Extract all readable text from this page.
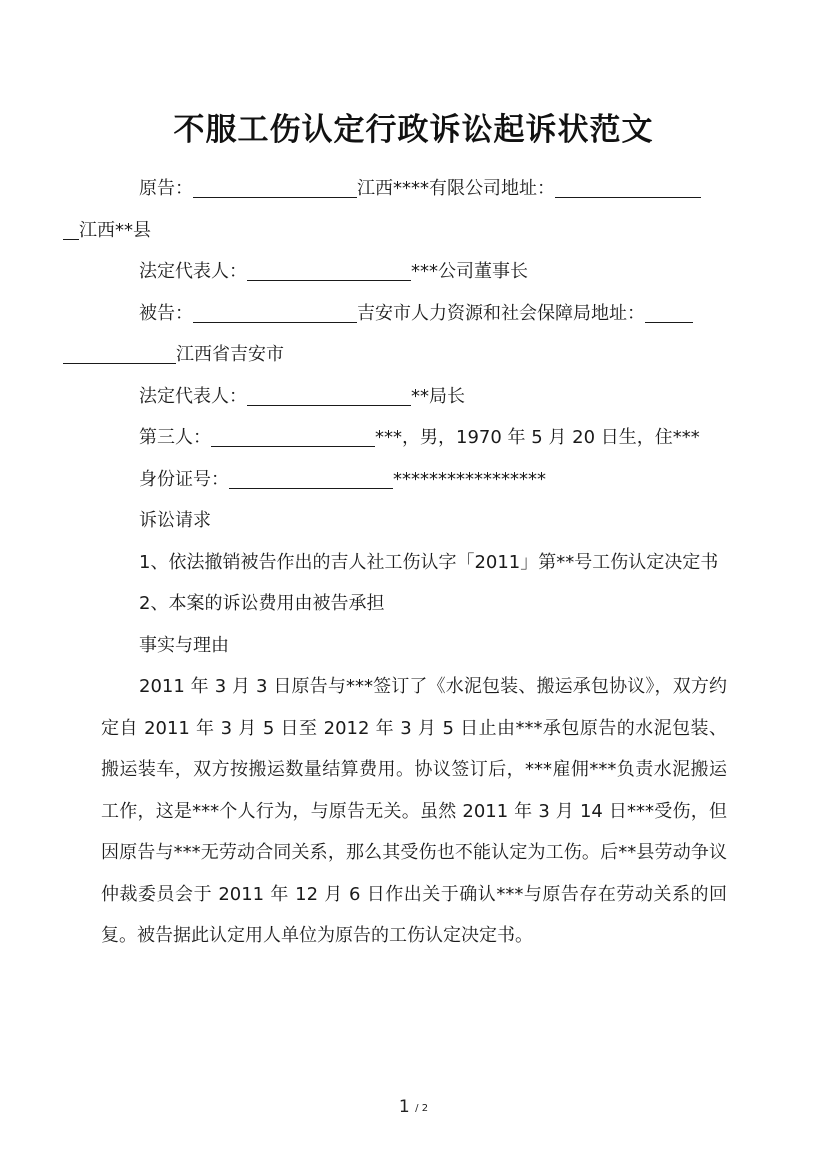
不服工伤认定行政诉讼起诉状范文

原告：	江西****有限公司地址：
江西**县

法定代表人：	***公司董事长

被告：	吉安市人力资源和社会保障局地址：
江西省吉安市

法定代表人：	**局长

第三人：	***，男，1970 年 5 月 20 日生，住***

身份证号：	*****************

诉讼请求

1、依法撤销被告作出的吉人社工伤认字「2011」第**号工伤认定决定书

2、本案的诉讼费用由被告承担

事实与理由

2011 年 3 月 3 日原告与***签订了《水泥包装、搬运承包协议》，双方约定自 2011 年 3 月 5 日至 2012 年 3 月 5 日止由***承包原告的水泥包装、搬运装车，双方按搬运数量结算费用。协议签订后，***雇佣***负责水泥搬运工作，这是***个人行为，与原告无关。虽然 2011 年 3 月 14 日***受伤，但因原告与***无劳动合同关系，那么其受伤也不能认定为工伤。后**县劳动争议仲裁委员会于 2011 年 12 月 6 日作出关于确认***与原告存在劳动关系的回复。被告据此认定用人单位为原告的工伤认定决定书。

1 / 2
